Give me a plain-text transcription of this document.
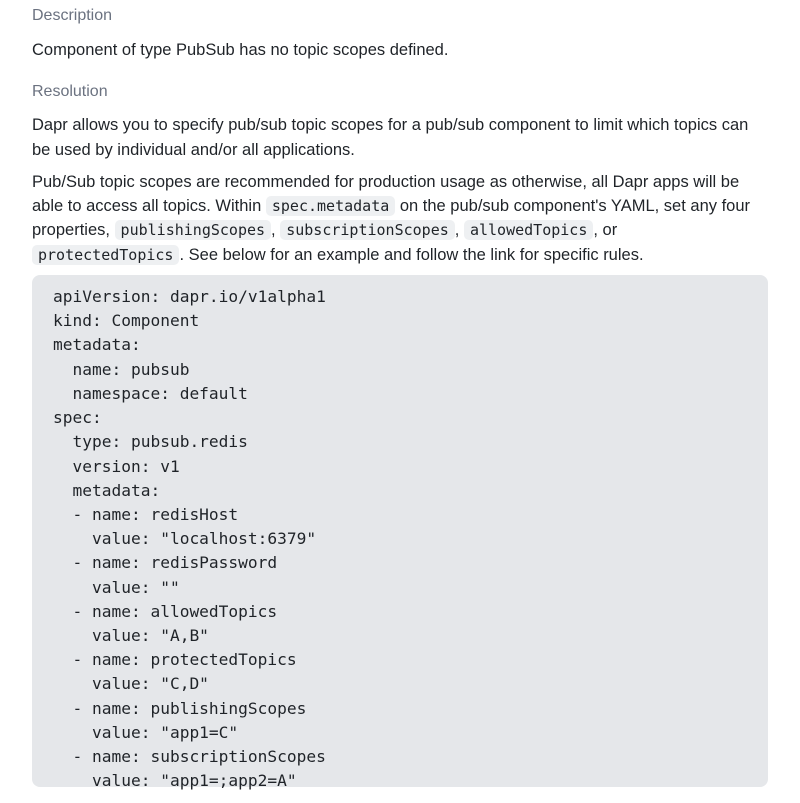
Description

Component of type PubSub has no topic scopes defined.

Resolution

Dapr allows you to specify pub/sub topic scopes for a pub/sub component to limit which topics can be used by individual and/or all applications.

Pub/Sub topic scopes are recommended for production usage as otherwise, all Dapr apps will be able to access all topics. Within spec.metadata on the pub/sub component's YAML, set any four properties, publishingScopes , subscriptionScopes , allowedTopics , or protectedTopics . See below for an example and follow the link for specific rules.

apiVersion: dapr.io/v1alpha1
kind: Component
metadata:
name: pubsub
namespace: default
spec:
type: pubsub.redis
version: v1
metadata:
- name: redisHost
value: "localhost:6379"
- name: redisPassword
value: ""
- name: allowedTopics
value: "A,B"
- name: protectedTopics
value: "C,D"
- name: publishingScopes
value: "app1=C"
- name: subscriptionScopes
value: "app1=;app2=A"
